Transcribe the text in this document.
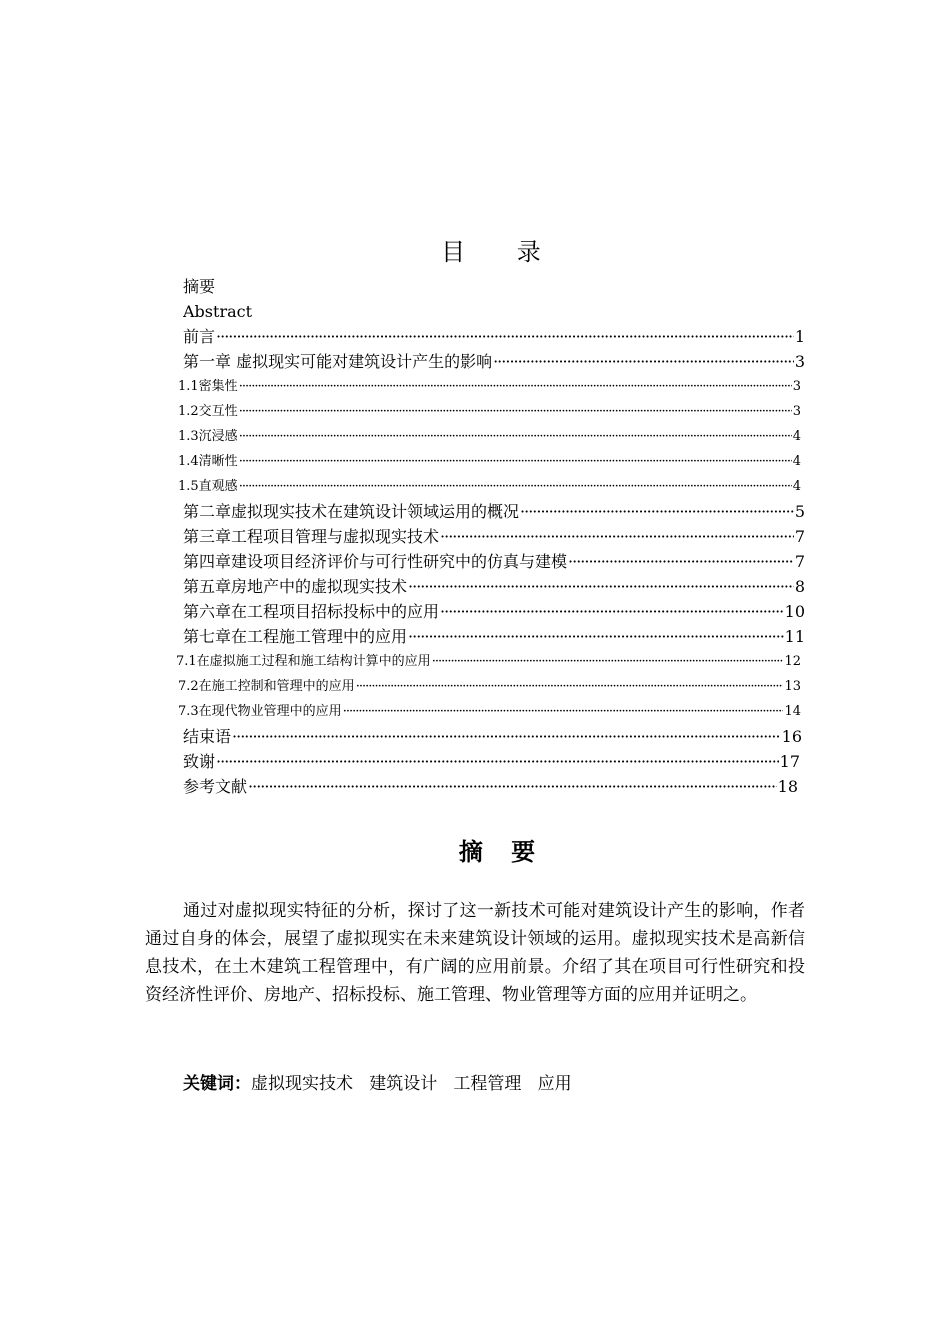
目 录
摘要
Abstract
前言 ·····	1
第一章 虚拟现实可能对建筑设计产生的影响 ·····	3
1.1密集性 ·····	3
1.2交互性 ·····	3
1.3沉浸感 ·····	4
1.4清晰性 ·····	4
1.5直观感 ·····	4
第二章虚拟现实技术在建筑设计领域运用的概况 ·····	5
第三章工程项目管理与虚拟现实技术 ·····	7
第四章建设项目经济评价与可行性研究中的仿真与建模 ·····	7
第五章房地产中的虚拟现实技术 ·····	8
第六章在工程项目招标投标中的应用 ·····	10
第七章在工程施工管理中的应用 ·····	11
7.1在虚拟施工过程和施工结构计算中的应用 ·····	12
7.2在施工控制和管理中的应用 ·····	13
7.3在现代物业管理中的应用 ·····	14
结束语 ·····	16
致谢 ·····	17
参考文献 ·····	18
摘 要
通过对虚拟现实特征的分析，探讨了这一新技术可能对建筑设计产生的影响，作者通过自身的体会，展望了虚拟现实在未来建筑设计领域的运用。虚拟现实技术是高新信息技术，在土木建筑工程管理中，有广阔的应用前景。介绍了其在项目可行性研究和投资经济性评价、房地产、招标投标、施工管理、物业管理等方面的应用并证明之。
关键词：虚拟现实技术   建筑设计   工程管理   应用
